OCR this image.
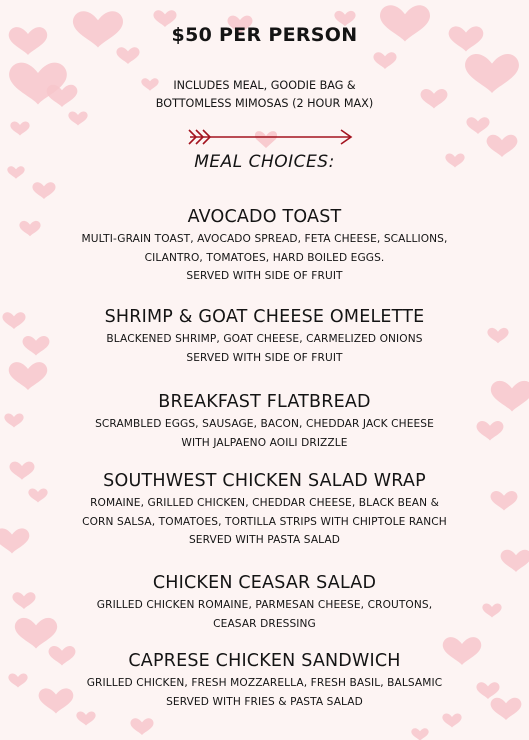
$50 PER PERSON
INCLUDES MEAL, GOODIE BAG &
BOTTOMLESS MIMOSAS (2 HOUR MAX)
MEAL CHOICES:
AVOCADO TOAST
MULTI-GRAIN TOAST, AVOCADO SPREAD, FETA CHEESE, SCALLIONS,
CILANTRO, TOMATOES, HARD BOILED EGGS.
SERVED WITH SIDE OF FRUIT
SHRIMP & GOAT CHEESE OMELETTE
BLACKENED SHRIMP, GOAT CHEESE, CARMELIZED ONIONS
SERVED WITH SIDE OF FRUIT
BREAKFAST FLATBREAD
SCRAMBLED EGGS, SAUSAGE, BACON, CHEDDAR JACK CHEESE
WITH JALPAENO AOILI DRIZZLE
SOUTHWEST CHICKEN SALAD WRAP
ROMAINE, GRILLED CHICKEN, CHEDDAR CHEESE, BLACK BEAN &
CORN SALSA, TOMATOES, TORTILLA STRIPS WITH CHIPTOLE RANCH
SERVED WITH PASTA SALAD
CHICKEN CEASAR SALAD
GRILLED CHICKEN ROMAINE, PARMESAN CHEESE, CROUTONS,
CEASAR DRESSING
CAPRESE CHICKEN SANDWICH
GRILLED CHICKEN, FRESH MOZZARELLA, FRESH BASIL, BALSAMIC
SERVED WITH FRIES & PASTA SALAD
